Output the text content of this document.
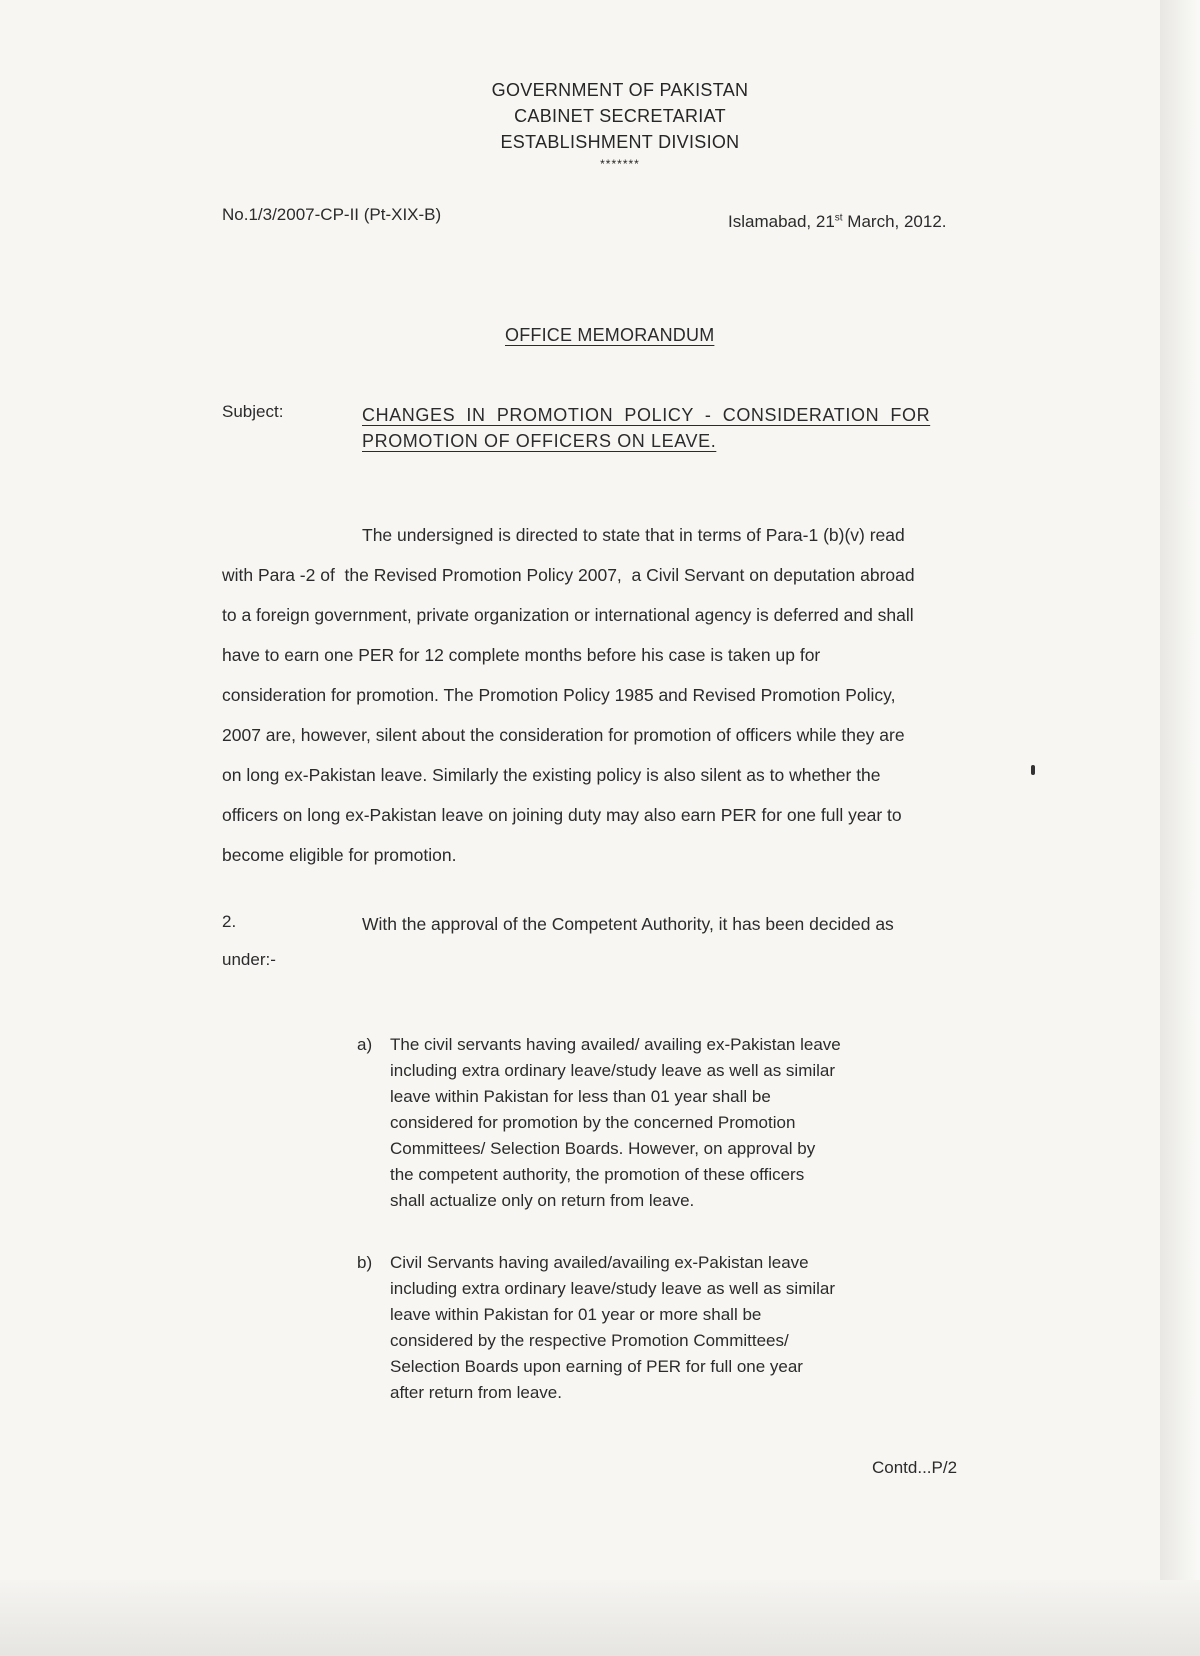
GOVERNMENT OF PAKISTAN
CABINET SECRETARIAT
ESTABLISHMENT DIVISION
*******
No.1/3/2007-CP-II (Pt-XIX-B)	Islamabad, 21st March, 2012.
OFFICE MEMORANDUM
Subject:	CHANGES  IN  PROMOTION  POLICY  -  CONSIDERATION  FOR
PROMOTION OF OFFICERS ON LEAVE.
The undersigned is directed to state that in terms of Para-1 (b)(v) read
with Para -2 of  the Revised Promotion Policy 2007,  a Civil Servant on deputation abroad
to a foreign government, private organization or international agency is deferred and shall
have to earn one PER for 12 complete months before his case is taken up for
consideration for promotion. The Promotion Policy 1985 and Revised Promotion Policy,
2007 are, however, silent about the consideration for promotion of officers while they are
on long ex-Pakistan leave. Similarly the existing policy is also silent as to whether the
officers on long ex-Pakistan leave on joining duty may also earn PER for one full year to
become eligible for promotion.
2.	With the approval of the Competent Authority, it has been decided as
under:-
a) The civil servants having availed/ availing ex-Pakistan leave
including extra ordinary leave/study leave as well as similar
leave within Pakistan for less than 01 year shall be
considered for promotion by the concerned Promotion
Committees/ Selection Boards. However, on approval by
the competent authority, the promotion of these officers
shall actualize only on return from leave.
b) Civil Servants having availed/availing ex-Pakistan leave
including extra ordinary leave/study leave as well as similar
leave within Pakistan for 01 year or more shall be
considered by the respective Promotion Committees/
Selection Boards upon earning of PER for full one year
after return from leave.
Contd...P/2
